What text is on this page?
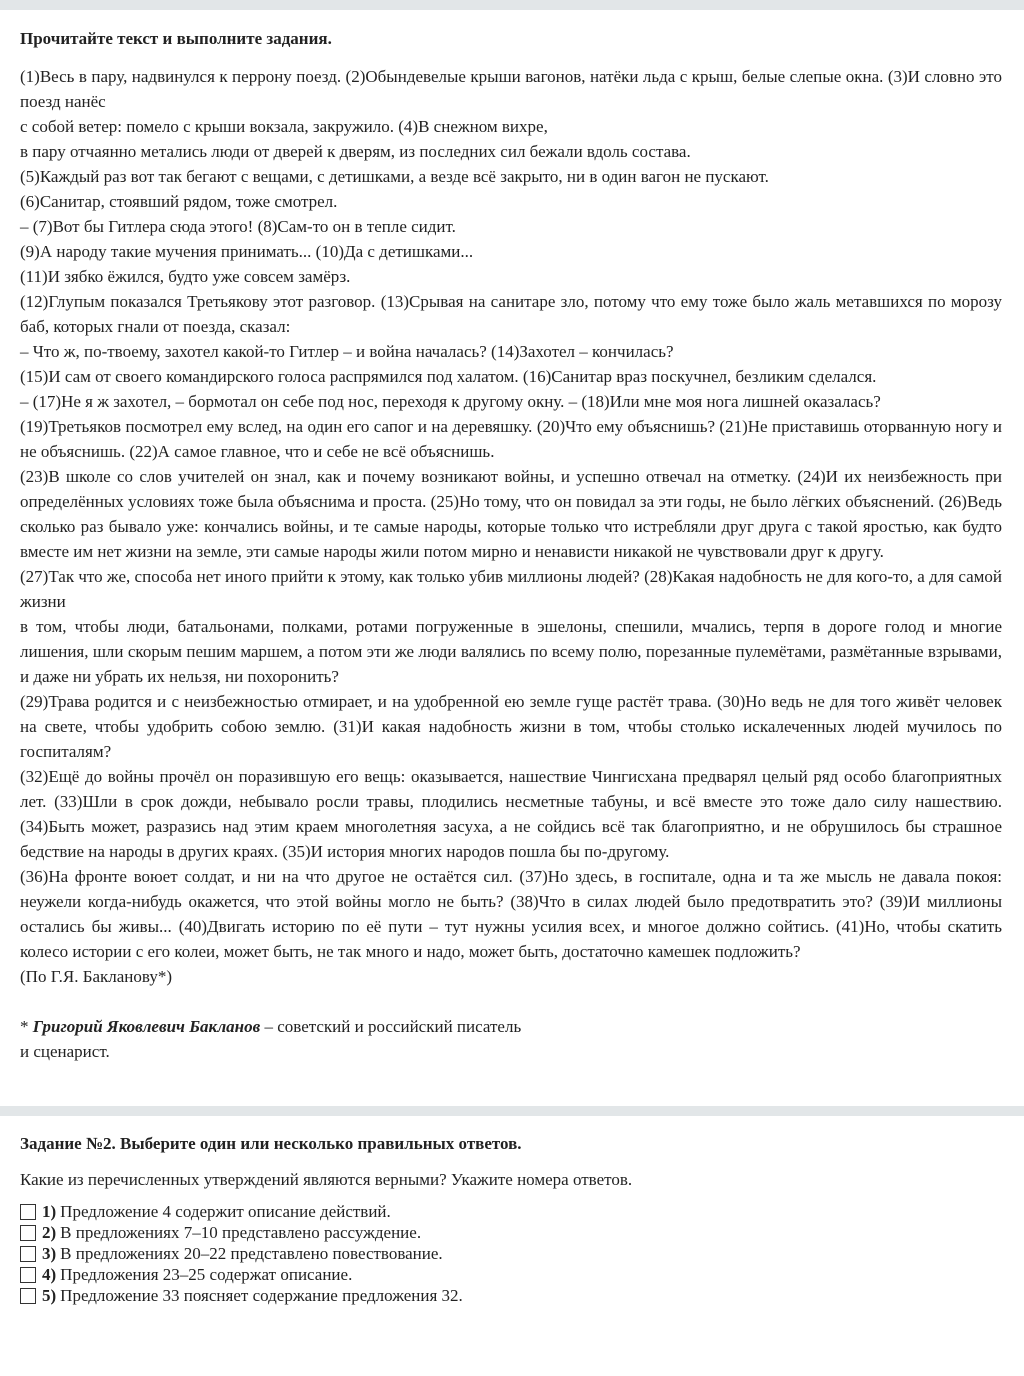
Прочитайте текст и выполните задания.

(1)Весь в пару, надвинулся к перрону поезд. (2)Обындевелые крыши вагонов, натёки льда с крыш, белые слепые окна. (3)И словно это поезд нанёс

с собой ветер: помело с крыши вокзала, закружило. (4)В снежном вихре,

в пару отчаянно метались люди от дверей к дверям, из последних сил бежали вдоль состава.

(5)Каждый раз вот так бегают с вещами, с детишками, а везде всё закрыто, ни в один вагон не пускают.

(6)Санитар, стоявший рядом, тоже смотрел.

– (7)Вот бы Гитлера сюда этого! (8)Сам-то он в тепле сидит.

(9)А народу такие мучения принимать... (10)Да с детишками...

(11)И зябко ёжился, будто уже совсем замёрз.

(12)Глупым показался Третьякову этот разговор. (13)Срывая на санитаре зло, потому что ему тоже было жаль метавшихся по морозу баб, которых гнали от поезда, сказал:

– Что ж, по-твоему, захотел какой-то Гитлер – и война началась? (14)Захотел – кончилась?

(15)И сам от своего командирского голоса распрямился под халатом. (16)Санитар враз поскучнел, безликим сделался.

– (17)Не я ж захотел, – бормотал он себе под нос, переходя к другому окну. – (18)Или мне моя нога лишней оказалась?

(19)Третьяков посмотрел ему вслед, на один его сапог и на деревяшку. (20)Что ему объяснишь? (21)Не приставишь оторванную ногу и не объяснишь. (22)А самое главное, что и себе не всё объяснишь.

(23)В школе со слов учителей он знал, как и почему возникают войны, и успешно отвечал на отметку. (24)И их неизбежность при определённых условиях тоже была объяснима и проста. (25)Но тому, что он повидал за эти годы, не было лёгких объяснений. (26)Ведь сколько раз бывало уже: кончались войны, и те самые народы, которые только что истребляли друг друга с такой яростью, как будто вместе им нет жизни на земле, эти самые народы жили потом мирно и ненависти никакой не чувствовали друг к другу.

(27)Так что же, способа нет иного прийти к этому, как только убив миллионы людей? (28)Какая надобность не для кого-то, а для самой жизни

в том, чтобы люди, батальонами, полками, ротами погруженные в эшелоны, спешили, мчались, терпя в дороге голод и многие лишения, шли скорым пешим маршем, а потом эти же люди валялись по всему полю, порезанные пулемётами, размётанные взрывами, и даже ни убрать их нельзя, ни похоронить?

(29)Трава родится и с неизбежностью отмирает, и на удобренной ею земле гуще растёт трава. (30)Но ведь не для того живёт человек на свете, чтобы удобрить собою землю. (31)И какая надобность жизни в том, чтобы столько искалеченных людей мучилось по госпиталям?

(32)Ещё до войны прочёл он поразившую его вещь: оказывается, нашествие Чингисхана предварял целый ряд особо благоприятных лет. (33)Шли в срок дожди, небывало росли травы, плодились несметные табуны, и всё вместе это тоже дало силу нашествию. (34)Быть может, разразись над этим краем многолетняя засуха, а не сойдись всё так благоприятно, и не обрушилось бы страшное бедствие на народы в других краях. (35)И история многих народов пошла бы по-другому.

(36)На фронте воюет солдат, и ни на что другое не остаётся сил. (37)Но здесь, в госпитале, одна и та же мысль не давала покоя: неужели когда-нибудь окажется, что этой войны могло не быть? (38)Что в силах людей было предотвратить это? (39)И миллионы остались бы живы... (40)Двигать историю по её пути – тут нужны усилия всех, и многое должно сойтись. (41)Но, чтобы скатить колесо истории с его колеи, может быть, не так много и надо, может быть, достаточно камешек подложить?

(По Г.Я. Бакланову*)

* Григорий Яковлевич Бакланов – советский и российский писатель
и сценарист.
Задание №2. Выберите один или несколько правильных ответов.

Какие из перечисленных утверждений являются верными? Укажите номера ответов.

1) Предложение 4 содержит описание действий.
2) В предложениях 7–10 представлено рассуждение.
3) В предложениях 20–22 представлено повествование.
4) Предложения 23–25 содержат описание.
5) Предложение 33 поясняет содержание предложения 32.
